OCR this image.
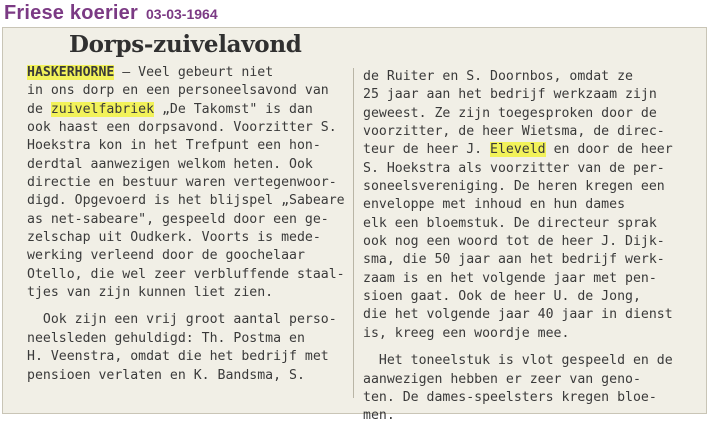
Friese koerier 03-03-1964
Dorps-zuivelavond
HASKERHORNE — Veel gebeurt niet
in ons dorp en een personeelsavond van
de zuivelfabriek „De Takomst" is dan
ook haast een dorpsavond. Voorzitter S.
Hoekstra kon in het Trefpunt een hon-
derdtal aanwezigen welkom heten. Ook
directie en bestuur waren vertegenwoor-
digd. Opgevoerd is het blijspel „Sabeare
as net-sabeare", gespeeld door een ge-
zelschap uit Oudkerk. Voorts is mede-
werking verleend door de goochelaar
Otello, die wel zeer verbluffende staal-
tjes van zijn kunnen liet zien.
Ook zijn een vrij groot aantal perso-
neelsleden gehuldigd: Th. Postma en
H. Veenstra, omdat die het bedrijf met
pensioen verlaten en K. Bandsma, S.
de Ruiter en S. Doornbos, omdat ze
25 jaar aan het bedrijf werkzaam zijn
geweest. Ze zijn toegesproken door de
voorzitter, de heer Wietsma, de direc-
teur de heer J. Eleveld en door de heer
S. Hoekstra als voorzitter van de per-
soneelsvereniging. De heren kregen een
enveloppe met inhoud en hun dames
elk een bloemstuk. De directeur sprak
ook nog een woord tot de heer J. Dijk-
sma, die 50 jaar aan het bedrijf werk-
zaam is en het volgende jaar met pen-
sioen gaat. Ook de heer U. de Jong,
die het volgende jaar 40 jaar in dienst
is, kreeg een woordje mee.
Het toneelstuk is vlot gespeeld en de
aanwezigen hebben er zeer van geno-
ten. De dames-speelsters kregen bloe-
men.
